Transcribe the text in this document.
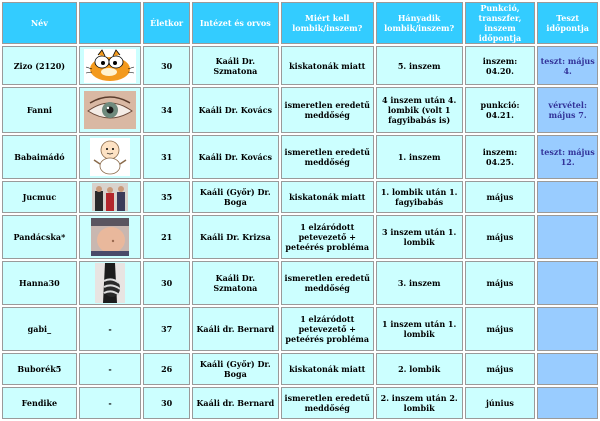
Név		Életkor	Intézet és orvos	Miért kell lombik/inszem?	Hányadik lombik/inszem?	Punkció, transzfer, inszem időpontja	Teszt időpontja
Zizo (2120)		30	Kaáli Dr. Szmatona	kiskatonák miatt	5. inszem	inszem: 04.20.	teszt: május 4.
Fanni		34	Kaáli Dr. Kovács	ismeretlen eredetű meddőség	4 inszem után 4. lombik (volt 1 fagyibabás is)	punkció: 04.21.	vérvétel: május 7.
Babaimádó		31	Kaáli Dr. Kovács	ismeretlen eredetű meddőség	1. inszem	inszem: 04.25.	teszt: május 12.
Jucmuc		35	Kaáli (Győr) Dr. Boga	kiskatonák miatt	1. lombik után 1. fagyibabás	május	
Pandácska*		21	Kaáli Dr. Krizsa	1 elzáródott petevezető + peteérés probléma	3 inszem után 1. lombik	május	
Hanna30		30	Kaáli Dr. Szmatona	ismeretlen eredetű meddőség	3. inszem	május	
gabi_	-	37	Kaáli dr. Bernard	1 elzáródott petevezető + peteérés probléma	1 inszem után 1. lombik	május	
Buborék5	-	26	Kaáli (Győr) Dr. Boga	kiskatonák miatt	2. lombik	május	
Fendike	-	30	Kaáli dr. Bernard	ismeretlen eredetű meddőség	2. inszem után 2. lombik	június	
